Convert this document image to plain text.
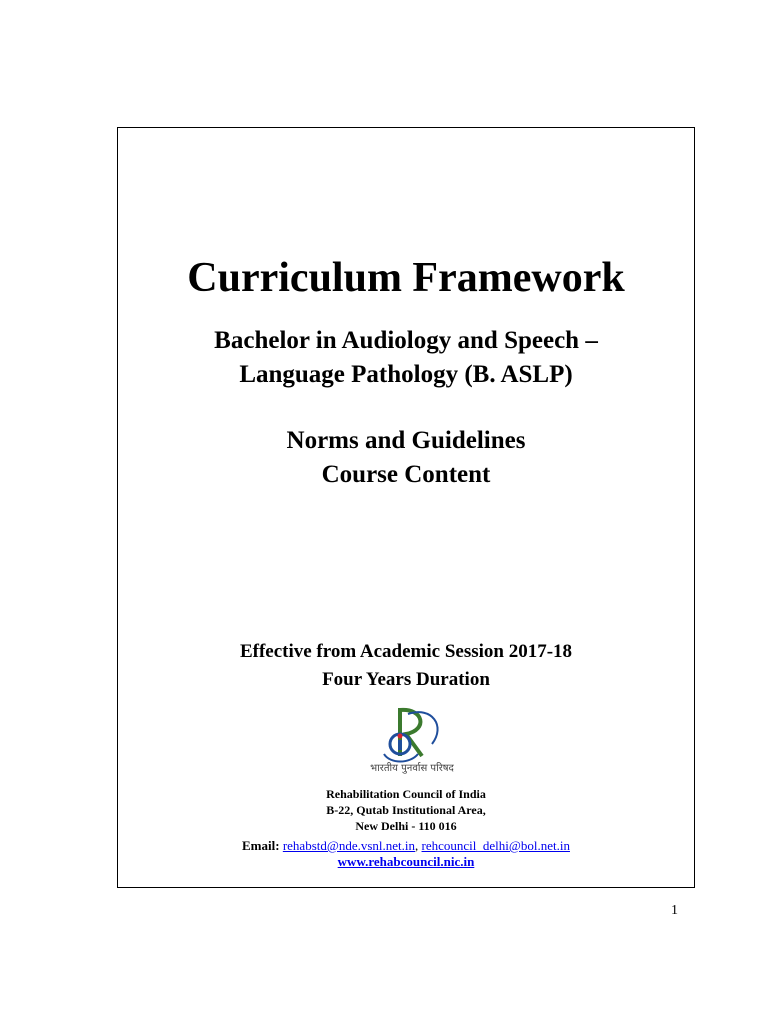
Curriculum Framework
Bachelor in Audiology and Speech –
Language Pathology (B. ASLP)
Norms and Guidelines
Course Content
Effective from Academic Session 2017-18
Four Years Duration
भारतीय पुनर्वास परिषद
Rehabilitation Council of India
B-22, Qutab Institutional Area,
New Delhi - 110 016
Email: rehabstd@nde.vsnl.net.in, rehcouncil_delhi@bol.net.in
www.rehabcouncil.nic.in
1
